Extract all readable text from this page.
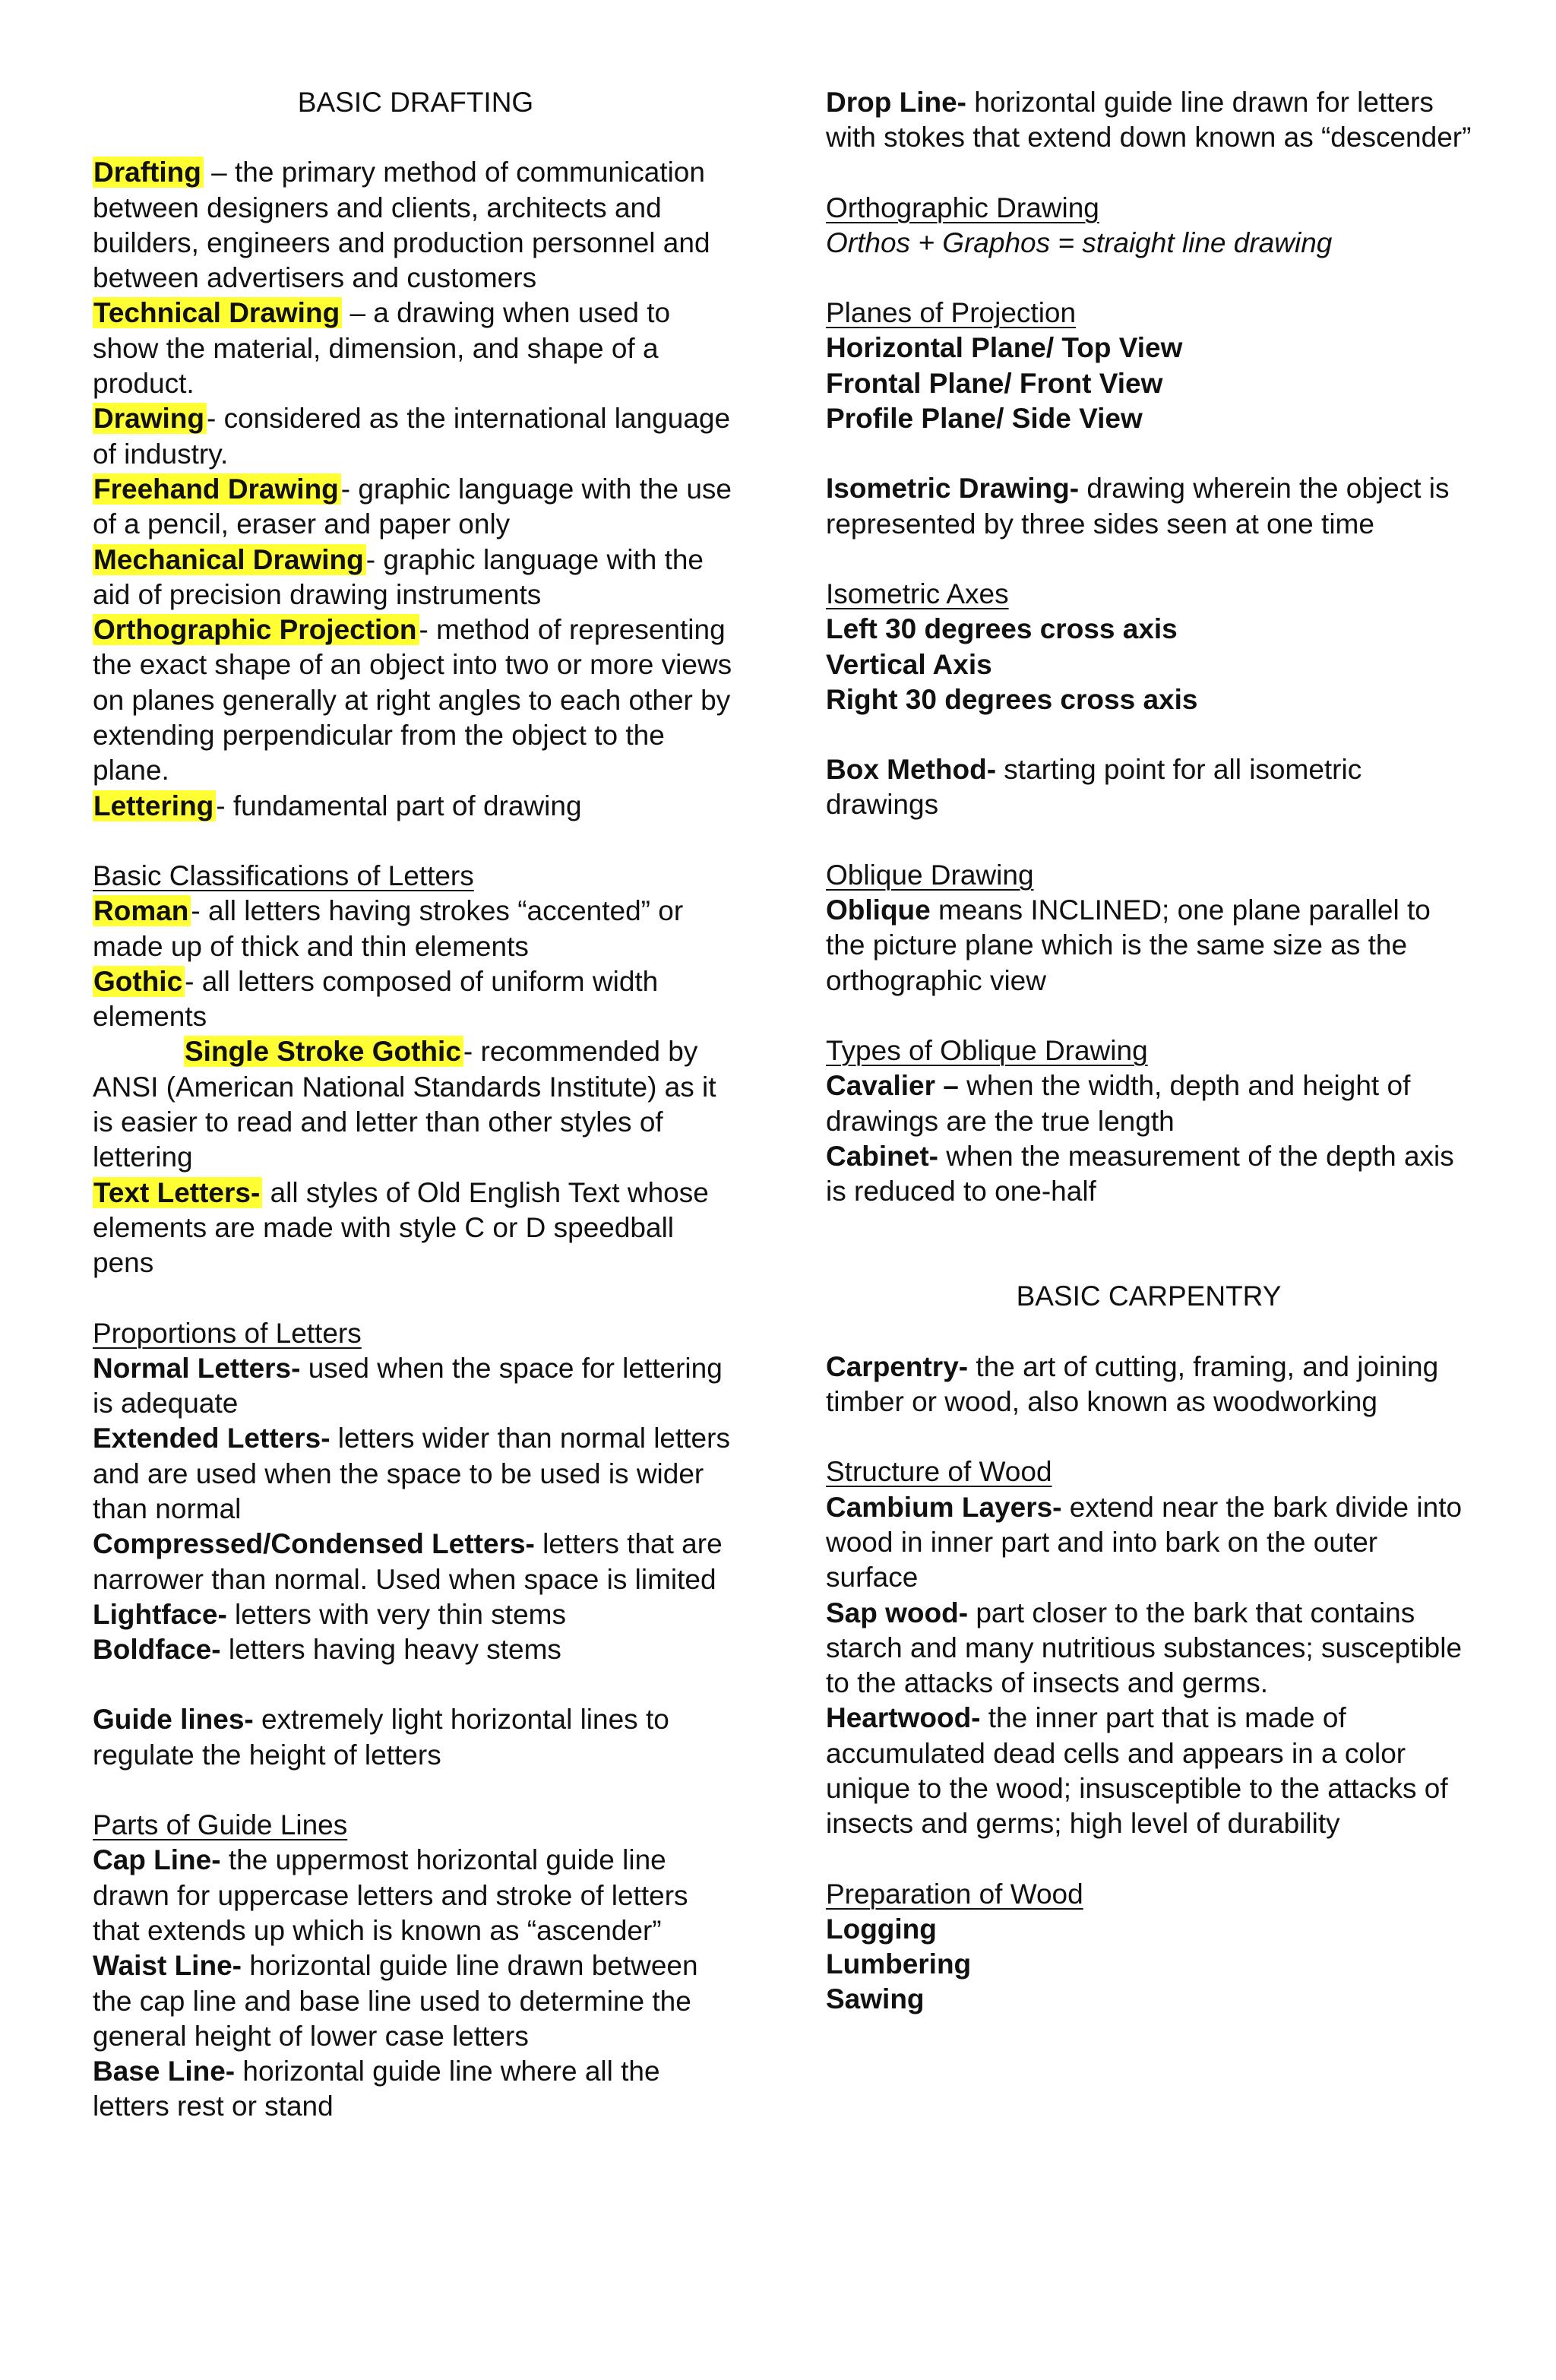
BASIC DRAFTING

Drafting – the primary method of communication between designers and clients, architects and builders, engineers and production personnel and between advertisers and customers

Technical Drawing – a drawing when used to show the material, dimension, and shape of a product.

Drawing- considered as the international language of industry.

Freehand Drawing- graphic language with the use of a pencil, eraser and paper only

Mechanical Drawing- graphic language with the aid of precision drawing instruments

Orthographic Projection- method of representing the exact shape of an object into two or more views on planes generally at right angles to each other by extending perpendicular from the object to the plane.

Lettering- fundamental part of drawing

Basic Classifications of Letters

Roman- all letters having strokes “accented” or made up of thick and thin elements

Gothic- all letters composed of uniform width elements

Single Stroke Gothic- recommended by ANSI (American National Standards Institute) as it is easier to read and letter than other styles of lettering

Text Letters- all styles of Old English Text whose elements are made with style C or D speedball pens

Proportions of Letters

Normal Letters- used when the space for lettering is adequate

Extended Letters- letters wider than normal letters and are used when the space to be used is wider than normal

Compressed/Condensed Letters- letters that are narrower than normal. Used when space is limited

Lightface- letters with very thin stems

Boldface- letters having heavy stems

Guide lines- extremely light horizontal lines to regulate the height of letters

Parts of Guide Lines

Cap Line- the uppermost horizontal guide line drawn for uppercase letters and stroke of letters that extends up which is known as “ascender”

Waist Line- horizontal guide line drawn between the cap line and base line used to determine the general height of lower case letters

Base Line- horizontal guide line where all the letters rest or stand

Drop Line- horizontal guide line drawn for letters with stokes that extend down known as “descender”

Orthographic Drawing

Orthos + Graphos = straight line drawing

Planes of Projection

Horizontal Plane/ Top View

Frontal Plane/ Front View

Profile Plane/ Side View

Isometric Drawing- drawing wherein the object is represented by three sides seen at one time

Isometric Axes

Left 30 degrees cross axis

Vertical Axis

Right 30 degrees cross axis

Box Method- starting point for all isometric drawings

Oblique Drawing

Oblique means INCLINED; one plane parallel to the picture plane which is the same size as the orthographic view

Types of Oblique Drawing

Cavalier – when the width, depth and height of drawings are the true length

Cabinet- when the measurement of the depth axis is reduced to one-half

BASIC CARPENTRY

Carpentry- the art of cutting, framing, and joining timber or wood, also known as woodworking

Structure of Wood

Cambium Layers- extend near the bark divide into wood in inner part and into bark on the outer surface

Sap wood- part closer to the bark that contains starch and many nutritious substances; susceptible to the attacks of insects and germs.

Heartwood- the inner part that is made of accumulated dead cells and appears in a color unique to the wood; insusceptible to the attacks of insects and germs; high level of durability

Preparation of Wood

Logging

Lumbering

Sawing
